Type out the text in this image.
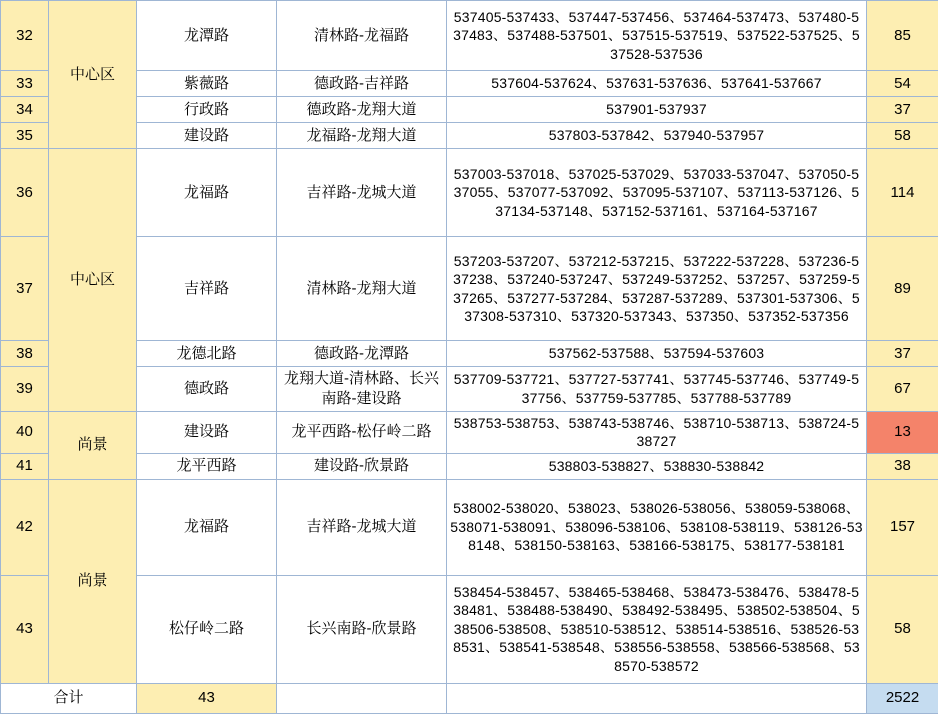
32	中心区	龙潭路	清林路-龙福路	537405-537433、537447-537456、537464-537473、537480-537483、537488-537501、537515-537519、537522-537525、537528-537536	85
33		紫薇路	德政路-吉祥路	537604-537624、537631-537636、537641-537667	54
34		行政路	德政路-龙翔大道	537901-537937	37
35		建设路	龙福路-龙翔大道	537803-537842、537940-537957	58
36	中心区	龙福路	吉祥路-龙城大道	537003-537018、537025-537029、537033-537047、537050-537055、537077-537092、537095-537107、537113-537126、537134-537148、537152-537161、537164-537167	114
37		吉祥路	清林路-龙翔大道	537203-537207、537212-537215、537222-537228、537236-537238、537240-537247、537249-537252、537257、537259-537265、537277-537284、537287-537289、537301-537306、537308-537310、537320-537343、537350、537352-537356	89
38		龙德北路	德政路-龙潭路	537562-537588、537594-537603	37
39		德政路	龙翔大道-清林路、长兴南路-建设路	537709-537721、537727-537741、537745-537746、537749-537756、537759-537785、537788-537789	67
40	尚景	建设路	龙平西路-松仔岭二路	538753-538753、538743-538746、538710-538713、538724-538727	13
41		龙平西路	建设路-欣景路	538803-538827、538830-538842	38
42	尚景	龙福路	吉祥路-龙城大道	538002-538020、538023、538026-538056、538059-538068、538071-538091、538096-538106、538108-538119、538126-538148、538150-538163、538166-538175、538177-538181	157
43		松仔岭二路	长兴南路-欣景路	538454-538457、538465-538468、538473-538476、538478-538481、538488-538490、538492-538495、538502-538504、538506-538508、538510-538512、538514-538516、538526-538531、538541-538548、538556-538558、538566-538568、538570-538572	58
合计		43			2522
